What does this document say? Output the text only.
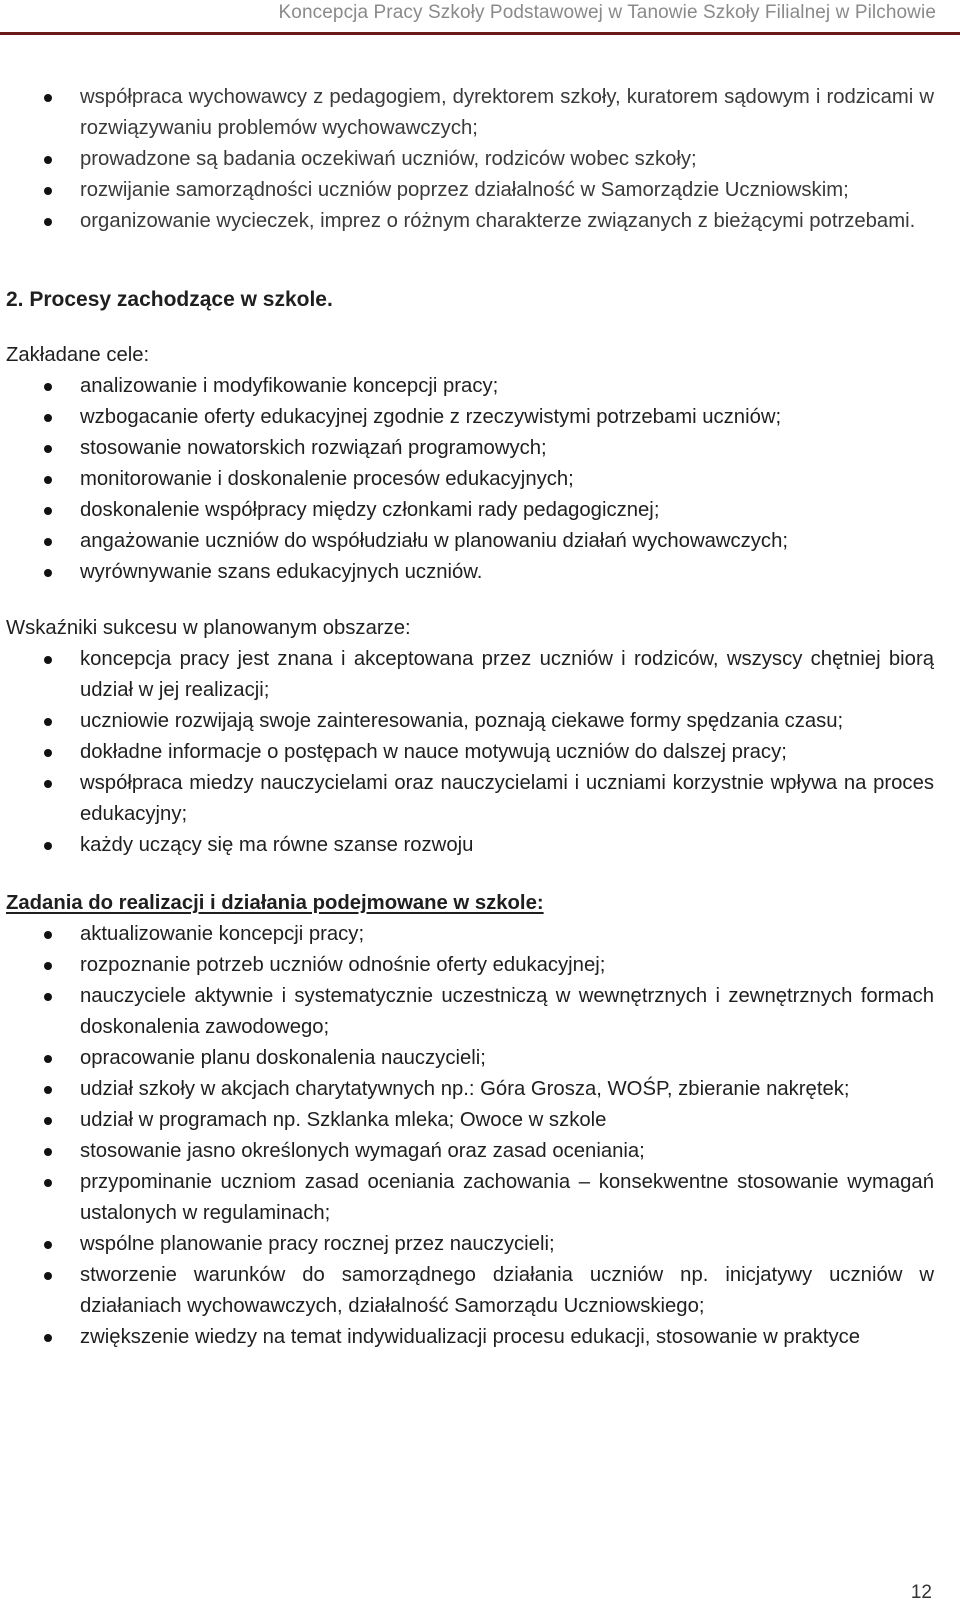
Koncepcja Pracy Szkoły Podstawowej w Tanowie Szkoły Filialnej w Pilchowie
współpraca wychowawcy z pedagogiem, dyrektorem szkoły, kuratorem sądowym i rodzicami w rozwiązywaniu problemów wychowawczych;
prowadzone są badania oczekiwań uczniów, rodziców wobec szkoły;
rozwijanie samorządności uczniów poprzez działalność w Samorządzie Uczniowskim;
organizowanie wycieczek, imprez o różnym charakterze związanych z bieżącymi potrzebami.
2. Procesy zachodzące w szkole.
Zakładane cele:
analizowanie i modyfikowanie koncepcji pracy;
wzbogacanie oferty edukacyjnej zgodnie z rzeczywistymi potrzebami uczniów;
stosowanie nowatorskich rozwiązań programowych;
monitorowanie i doskonalenie procesów edukacyjnych;
doskonalenie współpracy między członkami rady pedagogicznej;
angażowanie uczniów do współudziału w planowaniu działań wychowawczych;
wyrównywanie szans edukacyjnych uczniów.
Wskaźniki sukcesu w planowanym obszarze:
koncepcja pracy jest znana i akceptowana przez uczniów i rodziców, wszyscy chętniej biorą udział w jej realizacji;
uczniowie rozwijają swoje zainteresowania, poznają ciekawe formy spędzania czasu;
dokładne informacje o postępach w nauce motywują uczniów do dalszej pracy;
współpraca miedzy nauczycielami oraz nauczycielami i uczniami korzystnie wpływa na proces edukacyjny;
każdy uczący się ma równe szanse rozwoju
Zadania do realizacji i działania podejmowane w szkole:
aktualizowanie koncepcji pracy;
rozpoznanie potrzeb uczniów odnośnie oferty edukacyjnej;
nauczyciele aktywnie i systematycznie uczestniczą w wewnętrznych i zewnętrznych formach doskonalenia zawodowego;
opracowanie planu doskonalenia nauczycieli;
udział szkoły w akcjach charytatywnych np.: Góra Grosza, WOŚP, zbieranie nakrętek;
udział w programach np. Szklanka mleka; Owoce w szkole
stosowanie jasno określonych wymagań oraz zasad oceniania;
przypominanie uczniom zasad oceniania zachowania – konsekwentne stosowanie wymagań ustalonych w regulaminach;
wspólne planowanie pracy rocznej przez nauczycieli;
stworzenie warunków do samorządnego działania uczniów np. inicjatywy uczniów w działaniach wychowawczych, działalność Samorządu Uczniowskiego;
zwiększenie wiedzy na temat indywidualizacji procesu edukacji, stosowanie w praktyce
12
